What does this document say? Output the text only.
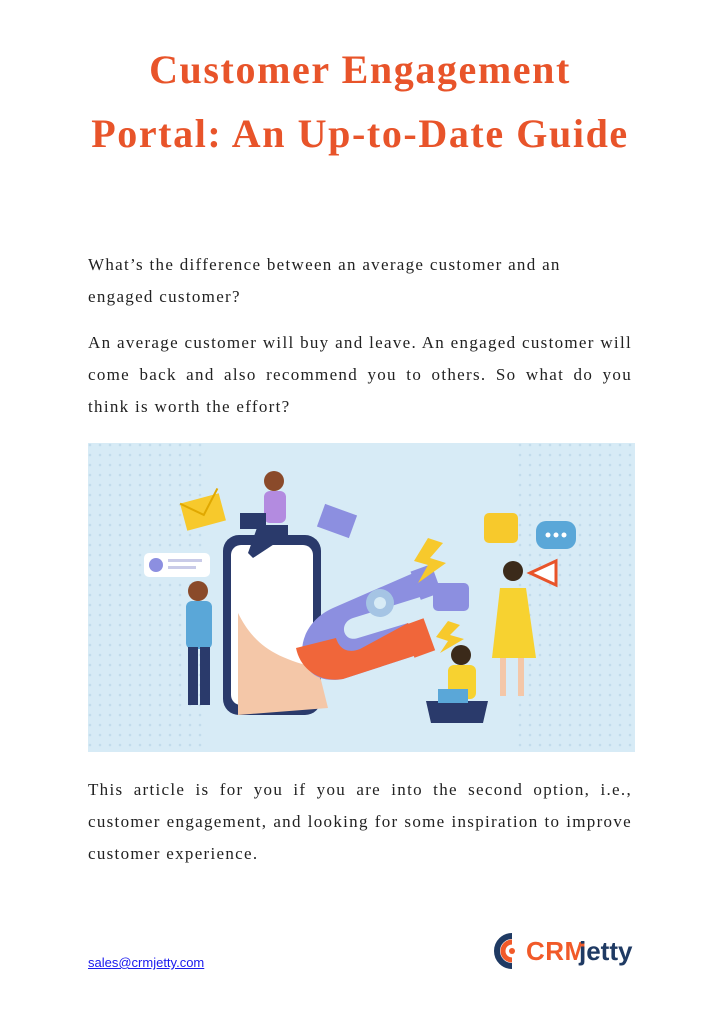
Customer Engagement Portal: An Up-to-Date Guide

What’s the difference between an average customer and an engaged customer?

An average customer will buy and leave. An engaged customer will come back and also recommend you to others. So what do you think is worth the effort?

This article is for you if you are into the second option, i.e., customer engagement, and looking for some inspiration to improve customer experience.

sales@crmjetty.com	CRM
jetty
